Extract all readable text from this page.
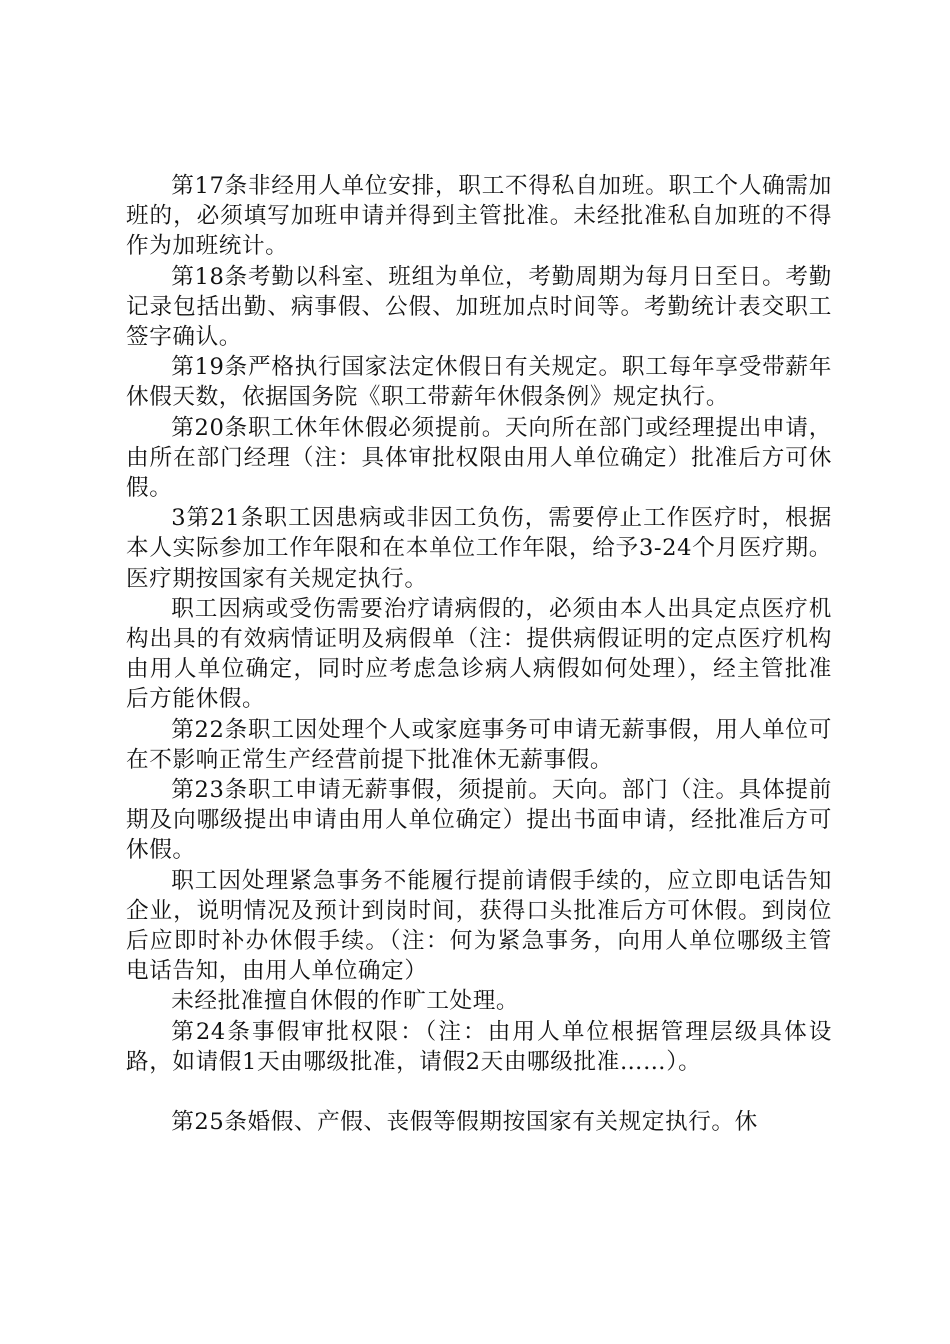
第17条非经用人单位安排，职工不得私自加班。职工个人确需加班的，必须填写加班申请并得到主管批准。未经批准私自加班的不得作为加班统计。

第18条考勤以科室、班组为单位，考勤周期为每月日至日。考勤记录包括出勤、病事假、公假、加班加点时间等。考勤统计表交职工签字确认。

第19条严格执行国家法定休假日有关规定。职工每年享受带薪年休假天数，依据国务院《职工带薪年休假条例》规定执行。

第20条职工休年休假必须提前。天向所在部门或经理提出申请，由所在部门经理（注：具体审批权限由用人单位确定）批准后方可休假。

3第21条职工因患病或非因工负伤，需要停止工作医疗时，根据本人实际参加工作年限和在本单位工作年限，给予3-24个月医疗期。医疗期按国家有关规定执行。

职工因病或受伤需要治疗请病假的，必须由本人出具定点医疗机构出具的有效病情证明及病假单（注：提供病假证明的定点医疗机构由用人单位确定，同时应考虑急诊病人病假如何处理），经主管批准后方能休假。

第22条职工因处理个人或家庭事务可申请无薪事假，用人单位可在不影响正常生产经营前提下批准休无薪事假。

第23条职工申请无薪事假，须提前。天向。部门（注。具体提前期及向哪级提出申请由用人单位确定）提出书面申请，经批准后方可休假。

职工因处理紧急事务不能履行提前请假手续的，应立即电话告知企业，说明情况及预计到岗时间，获得口头批准后方可休假。到岗位后应即时补办休假手续。（注：何为紧急事务，向用人单位哪级主管电话告知，由用人单位确定）

未经批准擅自休假的作旷工处理。

第24条事假审批权限：（注：由用人单位根据管理层级具体设路，如请假1天由哪级批准，请假2天由哪级批准……）。

第25条婚假、产假、丧假等假期按国家有关规定执行。休
